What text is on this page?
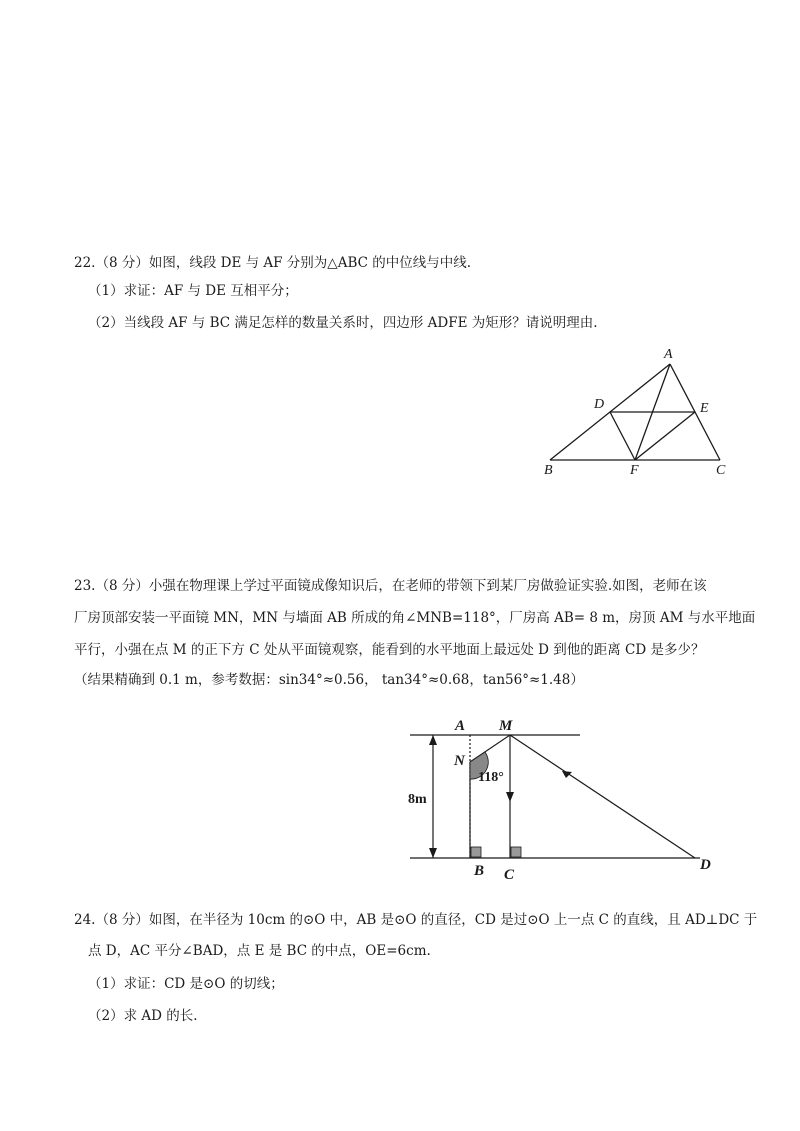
22.（8 分）如图，线段 DE 与 AF 分别为△ABC 的中位线与中线.
（1）求证：AF 与 DE 互相平分；
（2）当线段 AF 与 BC 满足怎样的数量关系时，四边形 ADFE 为矩形？请说明理由.
A
D	E
B	F	C
23.（8 分）小强在物理课上学过平面镜成像知识后，在老师的带领下到某厂房做验证实验.如图，老师在该
厂房顶部安装一平面镜 MN，MN 与墙面 AB 所成的角∠MNB=118°，厂房高 AB= 8 m，房顶 AM 与水平地面
平行，小强在点 M 的正下方 C 处从平面镜观察，能看到的水平地面上最远处 D 到他的距离 CD 是多少？
（结果精确到 0.1 m，参考数据：sin34°≈0.56， tan34°≈0.68，tan56°≈1.48）
A M
N
118°
8m
B C
D
24.（8 分）如图，在半径为 10cm 的⊙O 中，AB 是⊙O 的直径，CD 是过⊙O 上一点 C 的直线，且 AD⊥DC 于
点 D，AC 平分∠BAD，点 E 是 BC 的中点，OE=6cm.
（1）求证：CD 是⊙O 的切线；
（2）求 AD 的长.
